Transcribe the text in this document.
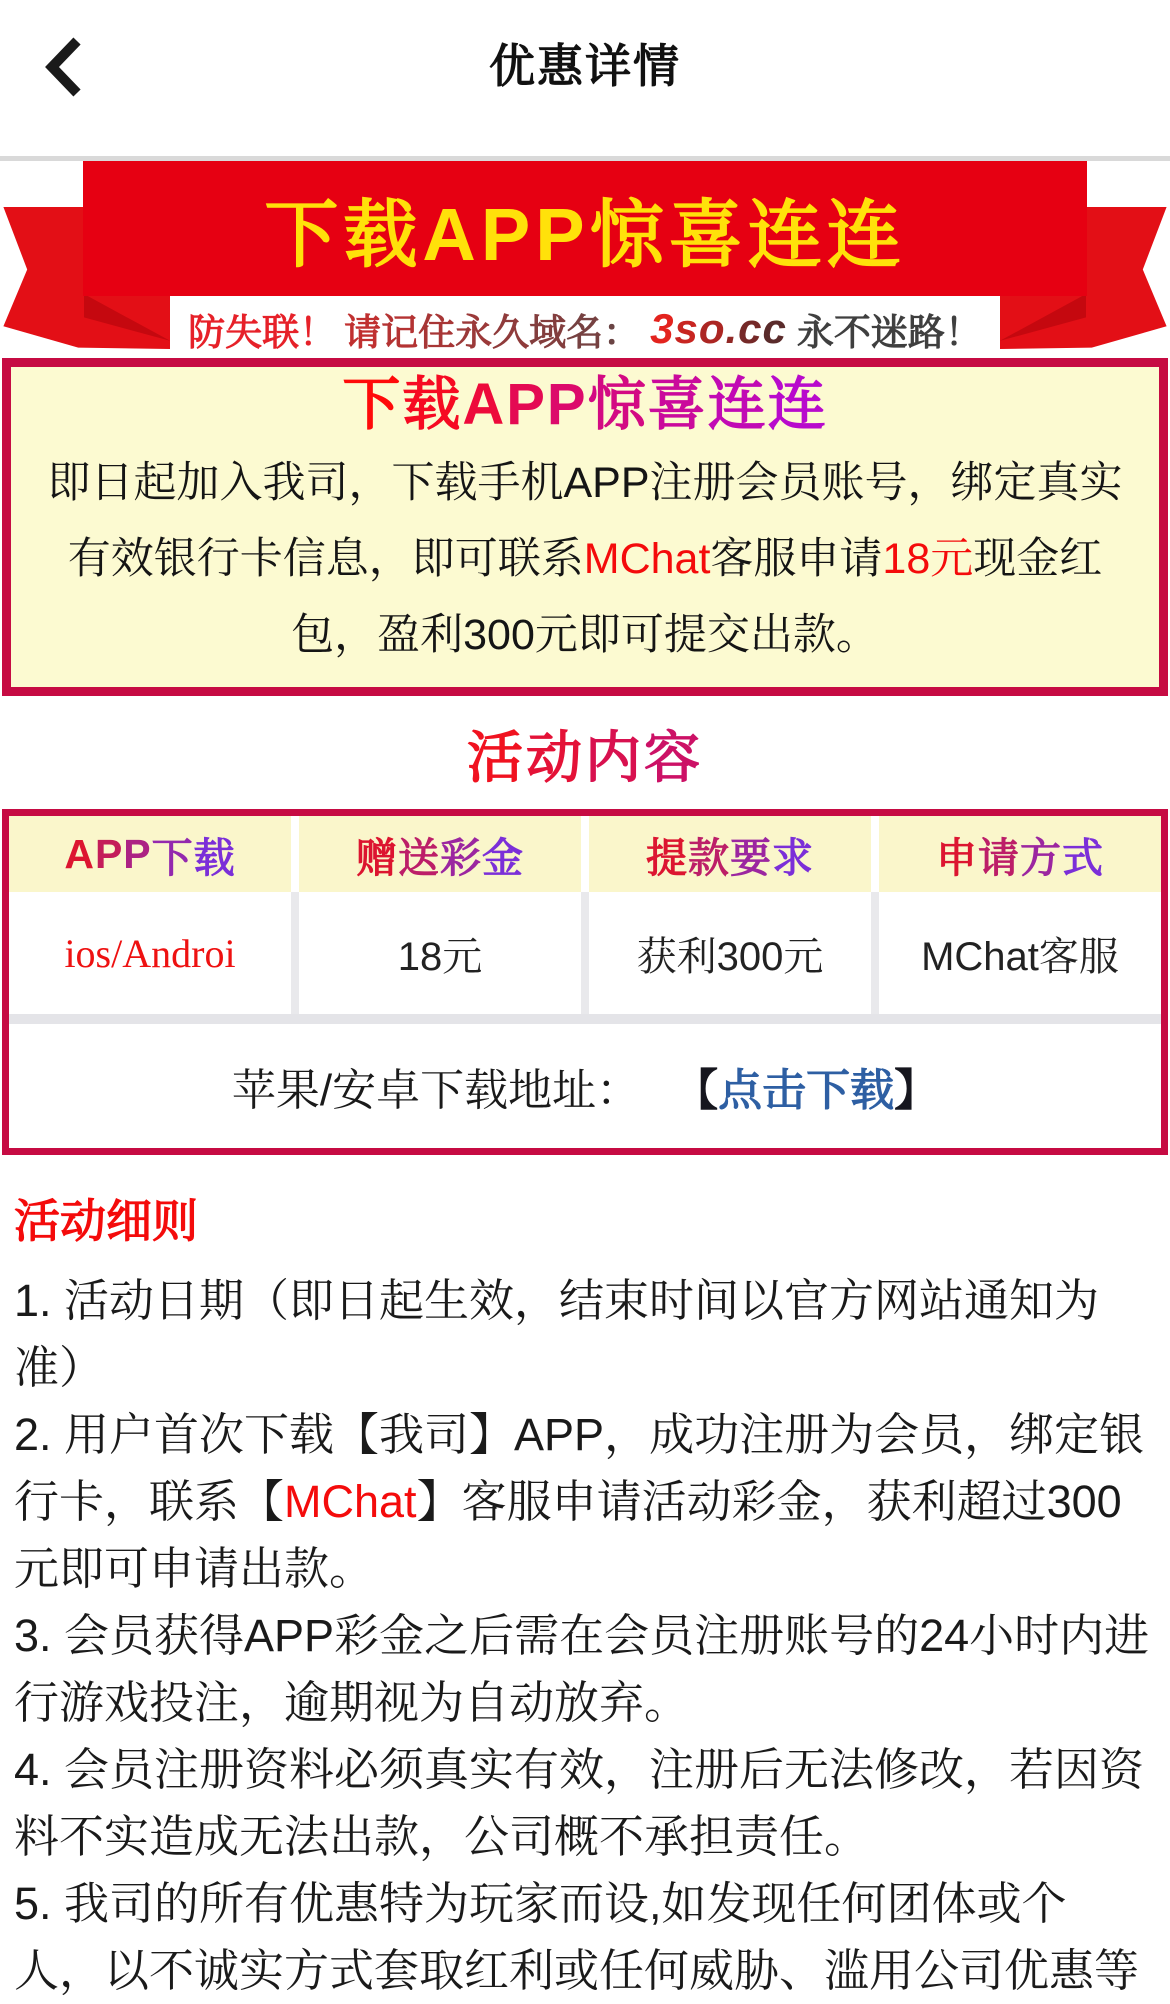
优惠详情
下载APP惊喜连连
防失联！ 请记住永久域名： 3so.cc 永不迷路！
下载APP惊喜连连
即日起加入我司，下载手机APP注册会员账号，绑定真实有效银行卡信息，即可联系MChat客服申请18元现金红包，盈利300元即可提交出款。
活动内容
A P P 下 载	赠 送 彩 金	提 款 要 求	申 请 方 式
ios/Androi	18元	获利300元	MChat客服
苹果/安卓下载地址： 【 点击下载 】
活动细则

1. 活动日期（即日起生效，结束时间以官方网站通知为准）

2. 用户首次下载【我司】APP，成功注册为会员，绑定银行卡，联系【MChat】客服申请活动彩金，获利超过300元即可申请出款。

3. 会员获得APP彩金之后需在会员注册账号的24小时内进行游戏投注，逾期视为自动放弃。

4. 会员注册资料必须真实有效，注册后无法修改，若因资料不实造成无法出款，公司概不承担责任。

5. 我司的所有优惠特为玩家而设,如发现任何团体或个人，以不诚实方式套取红利或任何威胁、滥用公司优惠等
